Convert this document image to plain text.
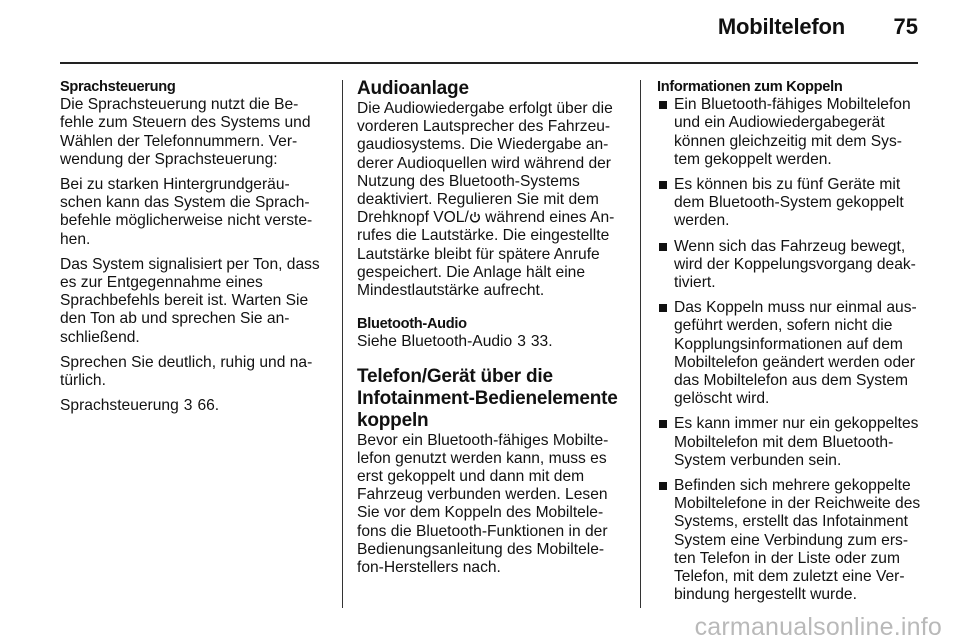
Mobiltelefon 75
Sprachsteuerung

Die Sprachsteuerung nutzt die Be-fehle zum Steuern des Systems und Wählen der Telefonnummern. Ver-wendung der Sprachsteuerung:

Bei zu starken Hintergrundgeräu-schen kann das System die Sprach-befehle möglicherweise nicht verste-hen.

Das System signalisiert per Ton, dass es zur Entgegennahme eines Sprachbefehls bereit ist. Warten Sie den Ton ab und sprechen Sie an-schließend.

Sprechen Sie deutlich, ruhig und na-türlich.

Sprachsteuerung 3 66.

Audioanlage

Die Audiowiedergabe erfolgt über die vorderen Lautsprecher des Fahrzeu-gaudiosystems. Die Wiedergabe an-derer Audioquellen wird während der Nutzung des Bluetooth-Systems deaktiviert. Regulieren Sie mit dem Drehknopf VOL/ während eines An-rufes die Lautstärke. Die eingestellte Lautstärke bleibt für spätere Anrufe gespeichert. Die Anlage hält eine Mindestlautstärke aufrecht.

Bluetooth-Audio

Siehe Bluetooth-Audio 3 33.

Telefon/Gerät über die Infotainment-Bedienelemente koppeln

Bevor ein Bluetooth-fähiges Mobilte-lefon genutzt werden kann, muss es erst gekoppelt und dann mit dem Fahrzeug verbunden werden. Lesen Sie vor dem Koppeln des Mobiltele-fons die Bluetooth-Funktionen in der Bedienungsanleitung des Mobiltele-fon-Herstellers nach.

Informationen zum Koppeln
Ein Bluetooth-fähiges Mobiltelefon und ein Audiowiedergabegerät können gleichzeitig mit dem Sys-tem gekoppelt werden.
Es können bis zu fünf Geräte mit dem Bluetooth-System gekoppelt werden.
Wenn sich das Fahrzeug bewegt, wird der Koppelungsvorgang deak-tiviert.
Das Koppeln muss nur einmal aus-geführt werden, sofern nicht die Kopplungsinformationen auf dem Mobiltelefon geändert werden oder das Mobiltelefon aus dem System gelöscht wird.
Es kann immer nur ein gekoppeltes Mobiltelefon mit dem Bluetooth-System verbunden sein.
Befinden sich mehrere gekoppelte Mobiltelefone in der Reichweite des Systems, erstellt das Infotainment System eine Verbindung zum ers-ten Telefon in der Liste oder zum Telefon, mit dem zuletzt eine Ver-bindung hergestellt wurde.
carmanualsonline.info
